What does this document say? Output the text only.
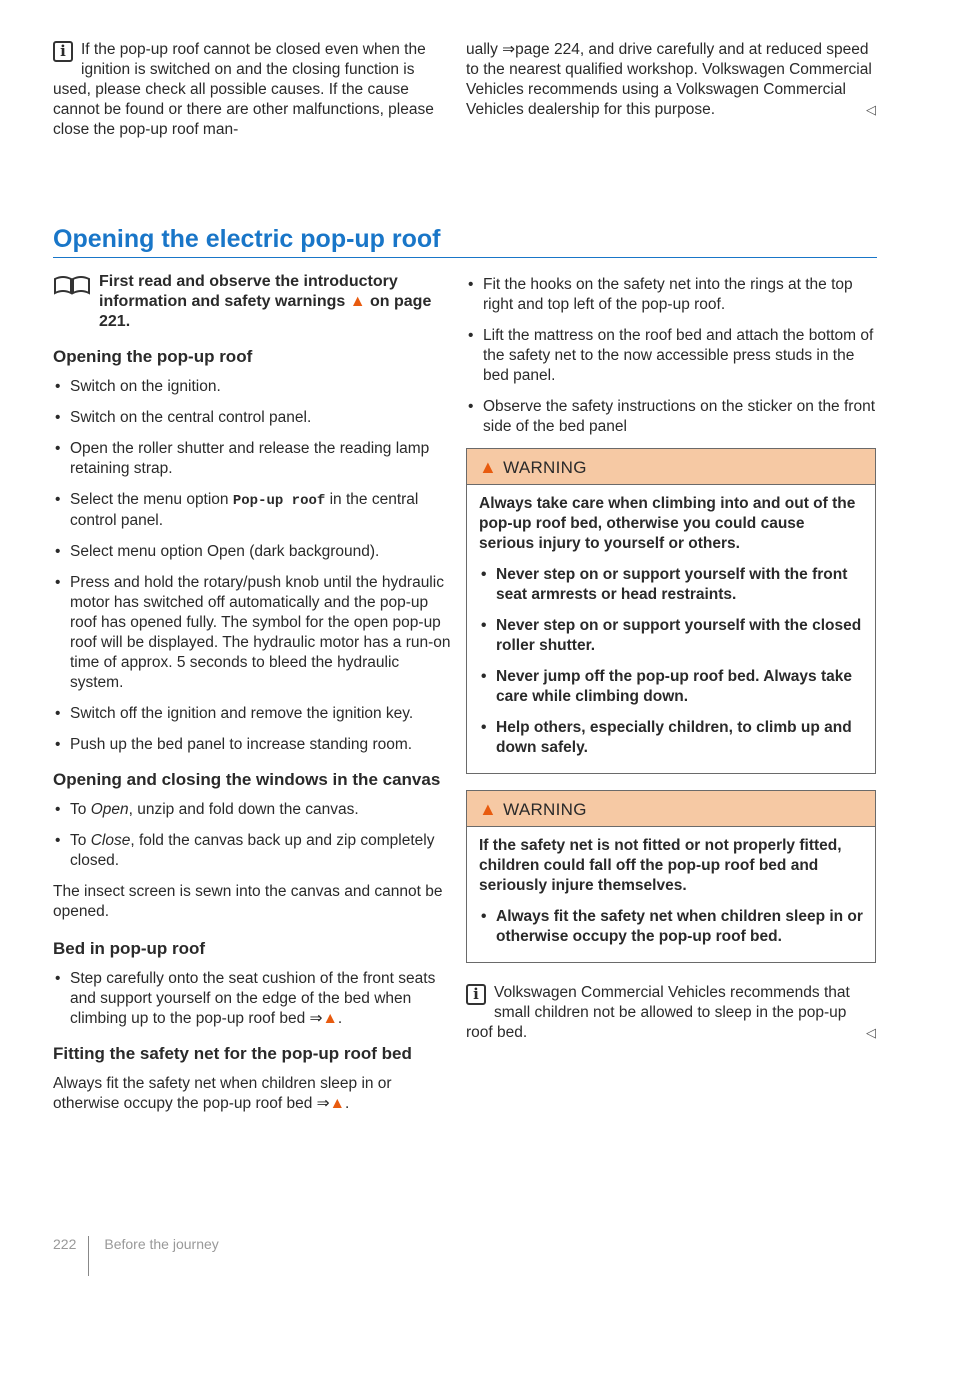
i If the pop-up roof cannot be closed even when the ignition is switched on and the closing function is used, please check all possible causes. If the cause cannot be found or there are other malfunctions, please close the pop-up roof man-

ually ⇒page 224, and drive carefully and at reduced speed to the nearest qualified workshop. Volkswagen Commercial Vehicles recommends using a Volkswagen Commercial Vehicles dealership for this purpose.	◁

Opening the electric pop-up roof
First read and observe the introductory information and safety warnings ▲ on page 221.
Opening the pop-up roof
• Switch on the ignition.
• Switch on the central control panel.
• Open the roller shutter and release the reading lamp retaining strap.
• Select the menu option Pop-up roof in the central control panel.
• Select menu option Open (dark background).
• Press and hold the rotary/push knob until the hydraulic motor has switched off automatically and the pop-up roof has opened fully. The symbol for the open pop-up roof will be displayed. The hydraulic motor has a run-on time of approx. 5 seconds to bleed the hydraulic system.
• Switch off the ignition and remove the ignition key.
• Push up the bed panel to increase standing room.
Opening and closing the windows in the canvas
• To Open, unzip and fold down the canvas.
• To Close, fold the canvas back up and zip completely closed.

The insect screen is sewn into the canvas and cannot be opened.

Bed in pop-up roof
• Step carefully onto the seat cushion of the front seats and support yourself on the edge of the bed when climbing up to the pop-up roof bed ⇒▲.
Fitting the safety net for the pop-up roof bed

Always fit the safety net when children sleep in or otherwise occupy the pop-up roof bed ⇒▲.

• Fit the hooks on the safety net into the rings at the top right and top left of the pop-up roof.
• Lift the mattress on the roof bed and attach the bottom of the safety net to the now accessible press studs in the bed panel.
• Observe the safety instructions on the sticker on the front side of the bed panel
▲ WARNING

Always take care when climbing into and out of the pop-up roof bed, otherwise you could cause serious injury to yourself or others.

• Never step on or support yourself with the front seat armrests or head restraints.
• Never step on or support yourself with the closed roller shutter.
• Never jump off the pop-up roof bed. Always take care while climbing down.
• Help others, especially children, to climb up and down safely.
▲ WARNING

If the safety net is not fitted or not properly fitted, children could fall off the pop-up roof bed and seriously injure themselves.

• Always fit the safety net when children sleep in or otherwise occupy the pop-up roof bed.

i Volkswagen Commercial Vehicles recommends that small children not be allowed to sleep in the pop-up roof bed.	◁

222 Before the journey
